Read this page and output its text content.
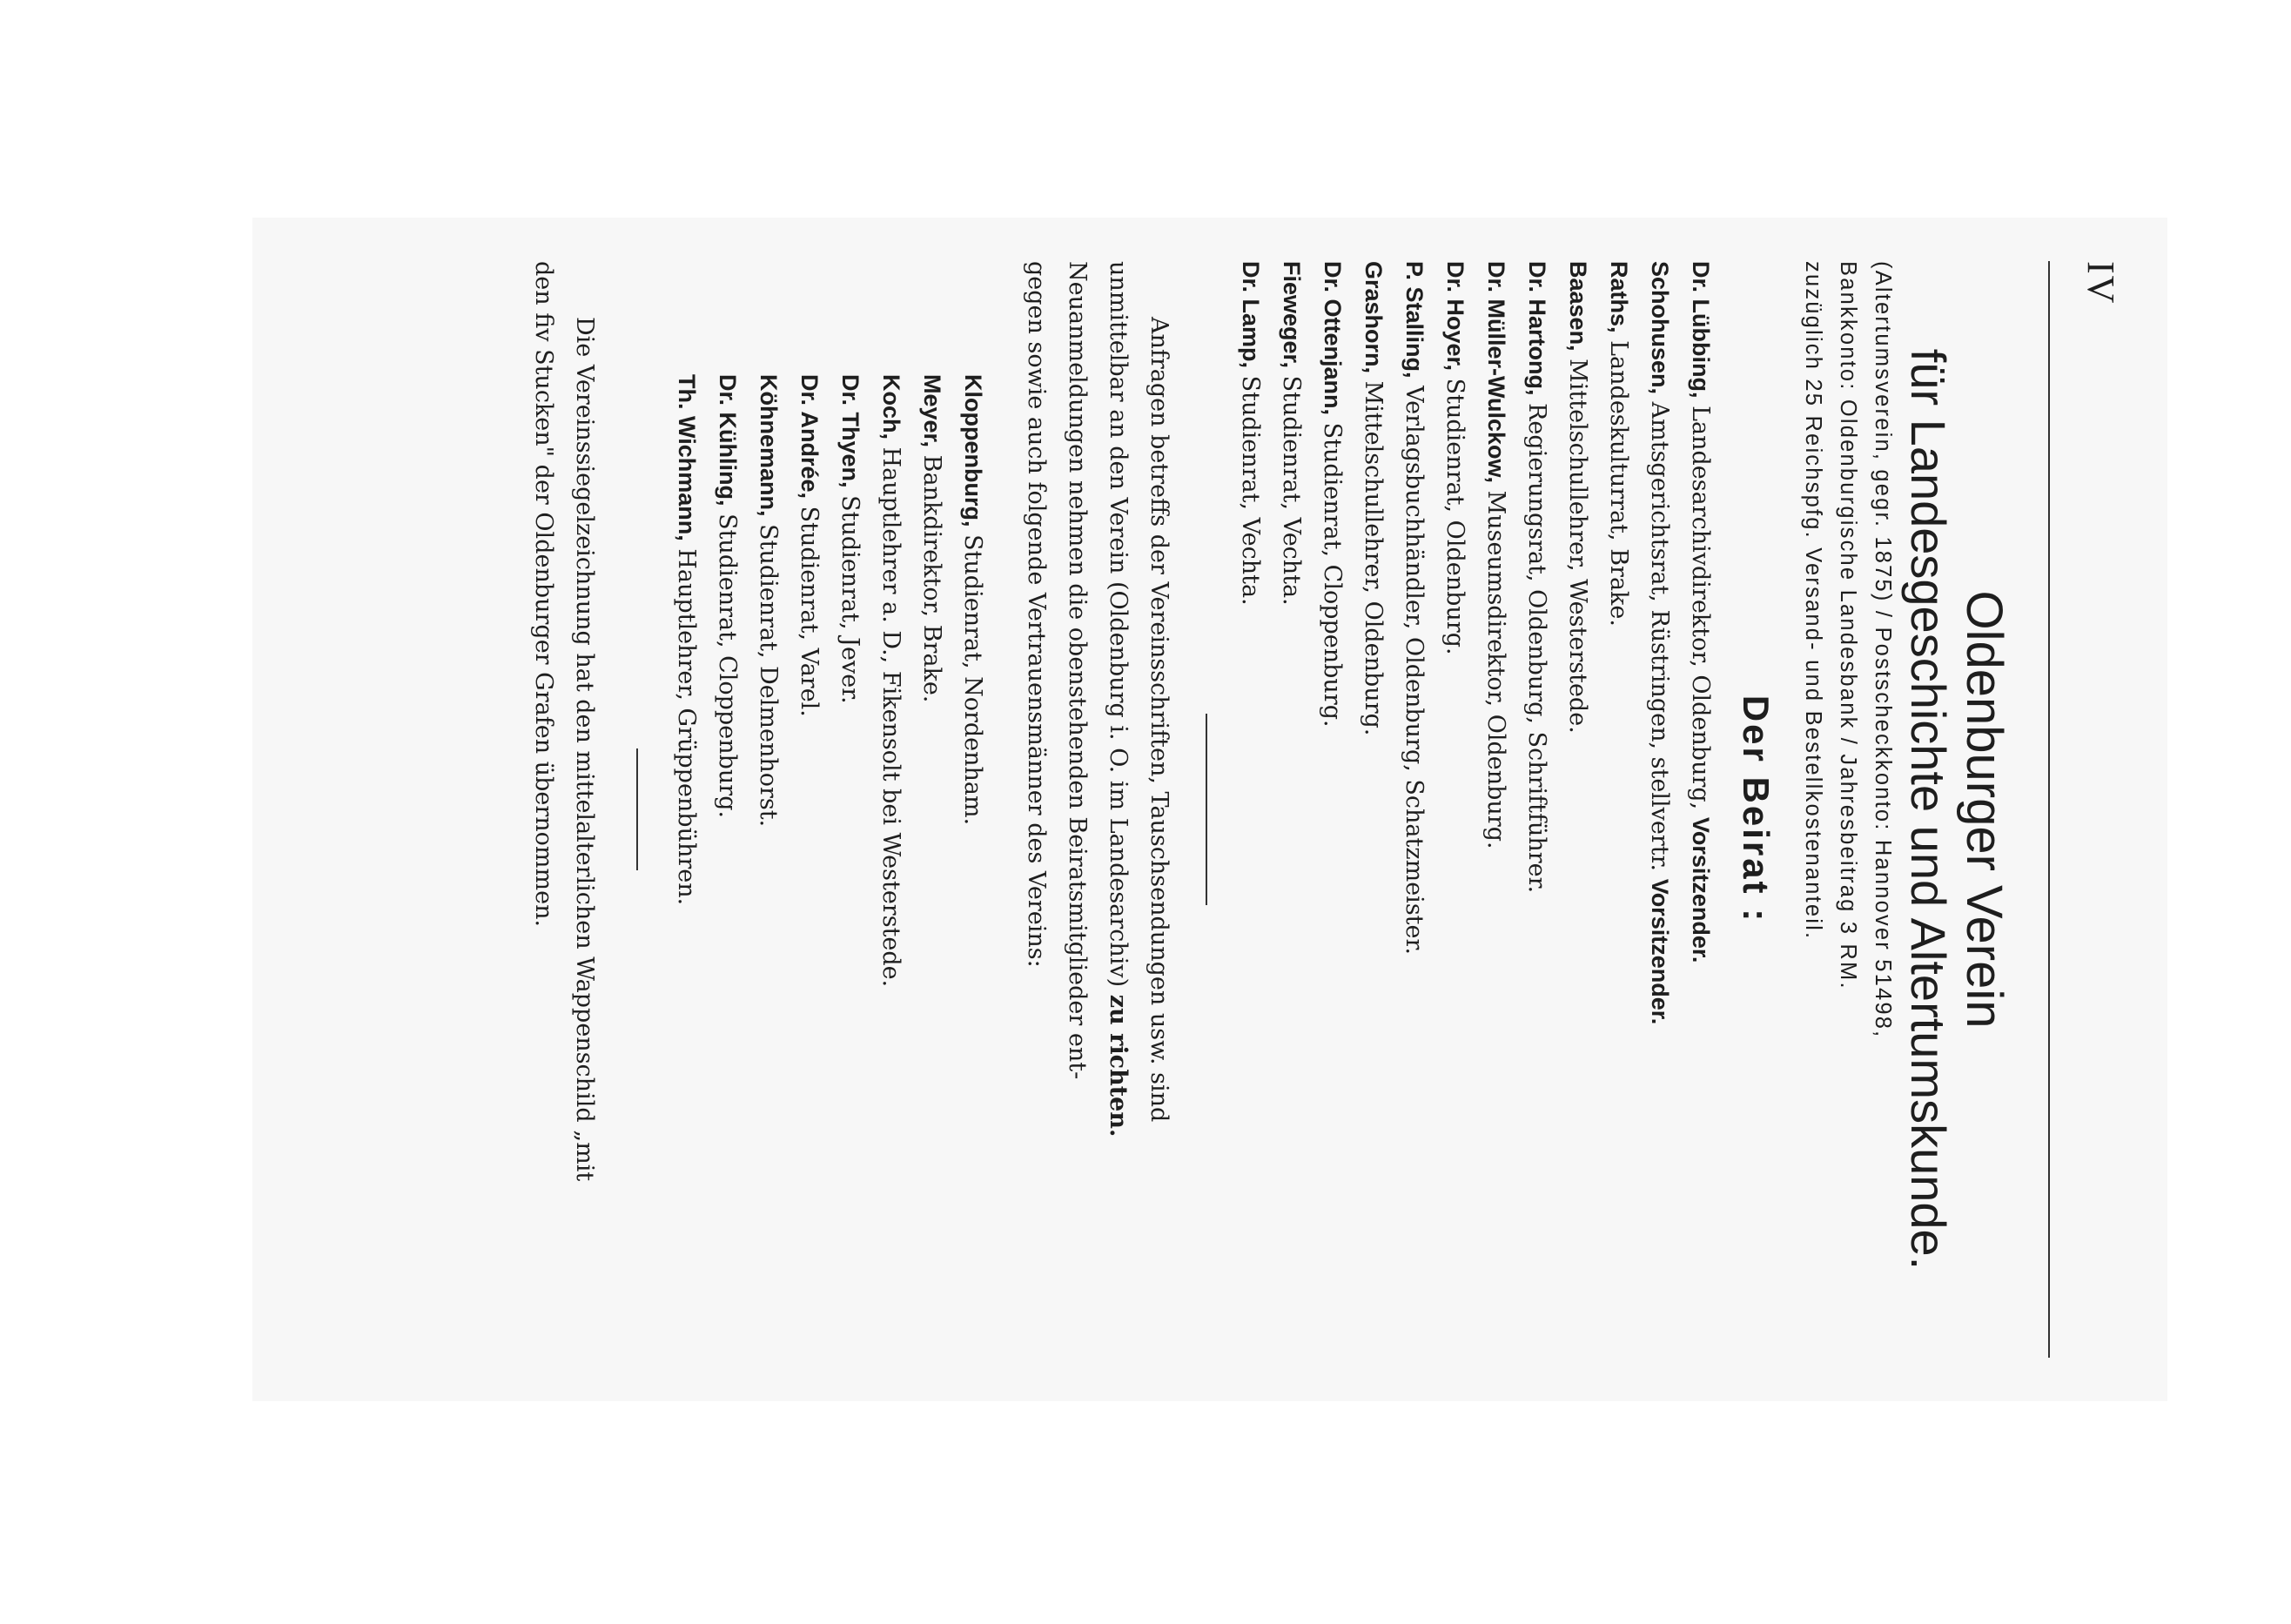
IV
Oldenburger Verein
für Landesgeschichte und Altertumskunde.
(Altertumsverein, gegr. 1875) / Postscheckkonto: Hannover 51498,
Bankkonto: Oldenburgische Landesbank / Jahresbeitrag 3 RM.
zuzüglich 25 Reichspfg. Versand- und Bestellkostenanteil.
Der Beirat :
Dr. Lübbing, Landesarchivdirektor, Oldenburg, Vorsitzender.
Schohusen, Amtsgerichtsrat, Rüstringen, stellvertr. Vorsitzender.
Raths, Landeskulturrat, Brake.
Baasen, Mittelschullehrer, Westerstede.
Dr. Hartong, Regierungsrat, Oldenburg, Schriftführer.
Dr. Müller-Wulckow, Museumsdirektor, Oldenburg.
Dr. Hoyer, Studienrat, Oldenburg.
P. Stalling, Verlagsbuchhändler, Oldenburg, Schatzmeister.
Grashorn, Mittelschullehrer, Oldenburg.
Dr. Ottenjann, Studienrat, Cloppenburg.
Fieweger, Studienrat, Vechta.
Dr. Lamp, Studienrat, Vechta.
Anfragen betreffs der Vereinsschriften, Tauschsendungen usw. sind
unmittelbar an den Verein (Oldenburg i. O. im Landesarchiv) zu richten.
Neuanmeldungen nehmen die obenstehenden Beiratsmitglieder ent-
gegen sowie auch folgende Vertrauensmänner des Vereins:
Kloppenburg, Studienrat, Nordenham.
Meyer, Bankdirektor, Brake.
Koch, Hauptlehrer a. D., Fikensolt bei Westerstede.
Dr. Thyen, Studienrat, Jever.
Dr. Andrée, Studienrat, Varel.
Köhnemann, Studienrat, Delmenhorst.
Dr. Kühling, Studienrat, Cloppenburg.
Th. Wichmann, Hauptlehrer, Grüppenbühren.
Die Vereinssiegelzeichnung hat den mittelalterlichen Wappenschild „mit
den fiv Stucken" der Oldenburger Grafen übernommen.
